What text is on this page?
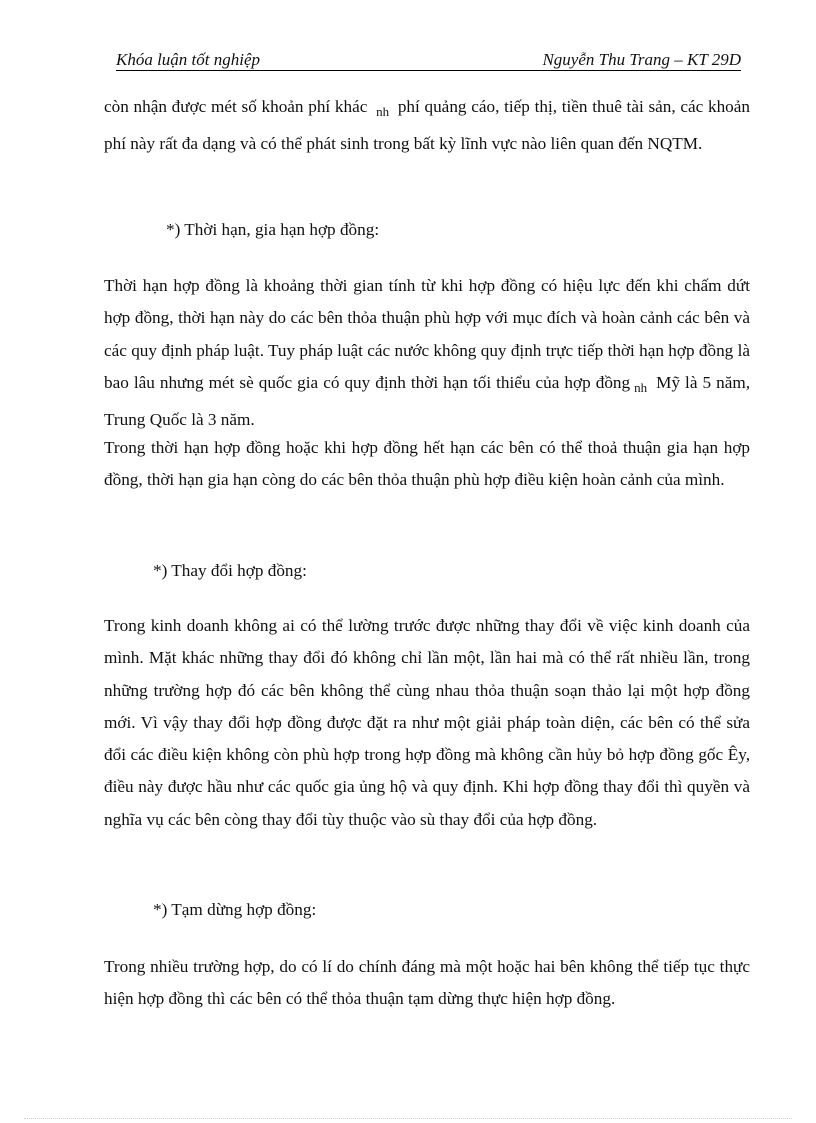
Khóa luận tốt nghiệp	Nguyễn Thu Trang – KT 29D
còn nhận được mét số khoản phí khác $_{nh}$ phí quảng cáo, tiếp thị, tiền thuê tài sản, các khoản phí này rất đa dạng và có thể phát sinh trong bất kỳ lĩnh vực nào liên quan đến NQTM.
*) Thời hạn, gia hạn hợp đồng:
Thời hạn hợp đồng là khoảng thời gian tính từ khi hợp đồng có hiệu lực đến khi chấm dứt hợp đồng, thời hạn này do các bên thỏa thuận phù hợp với mục đích và hoàn cảnh các bên và các quy định pháp luật. Tuy pháp luật các nước không quy định trực tiếp thời hạn hợp đồng là bao lâu nhưng mét sè quốc gia có quy định thời hạn tối thiểu của hợp đồng $_{nh}$ Mỹ là 5 năm, Trung Quốc là 3 năm.
Trong thời hạn hợp đồng hoặc khi hợp đồng hết hạn các bên có thể thoả thuận gia hạn hợp đồng, thời hạn gia hạn còng do các bên thỏa thuận phù hợp điều kiện hoàn cảnh của mình.
*) Thay đổi hợp đồng:
Trong kinh doanh không ai có thể lường trước được những thay đổi về việc kinh doanh của mình. Mặt khác những thay đổi đó không chỉ lần một, lần hai mà có thể rất nhiều lần, trong những trường hợp đó các bên không thể cùng nhau thỏa thuận soạn thảo lại một hợp đồng mới. Vì vậy thay đổi hợp đồng được đặt ra như một giải pháp toàn diện, các bên có thể sửa đổi các điều kiện không còn phù hợp trong hợp đồng mà không cần hủy bỏ hợp đồng gốc Êy, điều này được hầu như các quốc gia ủng hộ và quy định. Khi hợp đồng thay đổi thì quyền và nghĩa vụ các bên còng thay đổi tùy thuộc vào sù thay đổi của hợp đồng.
*) Tạm dừng hợp đồng:
Trong nhiều trường hợp, do có lí do chính đáng mà một hoặc hai bên không thể tiếp tục thực hiện hợp đồng thì các bên có thể thỏa thuận tạm dừng thực hiện hợp đồng.
